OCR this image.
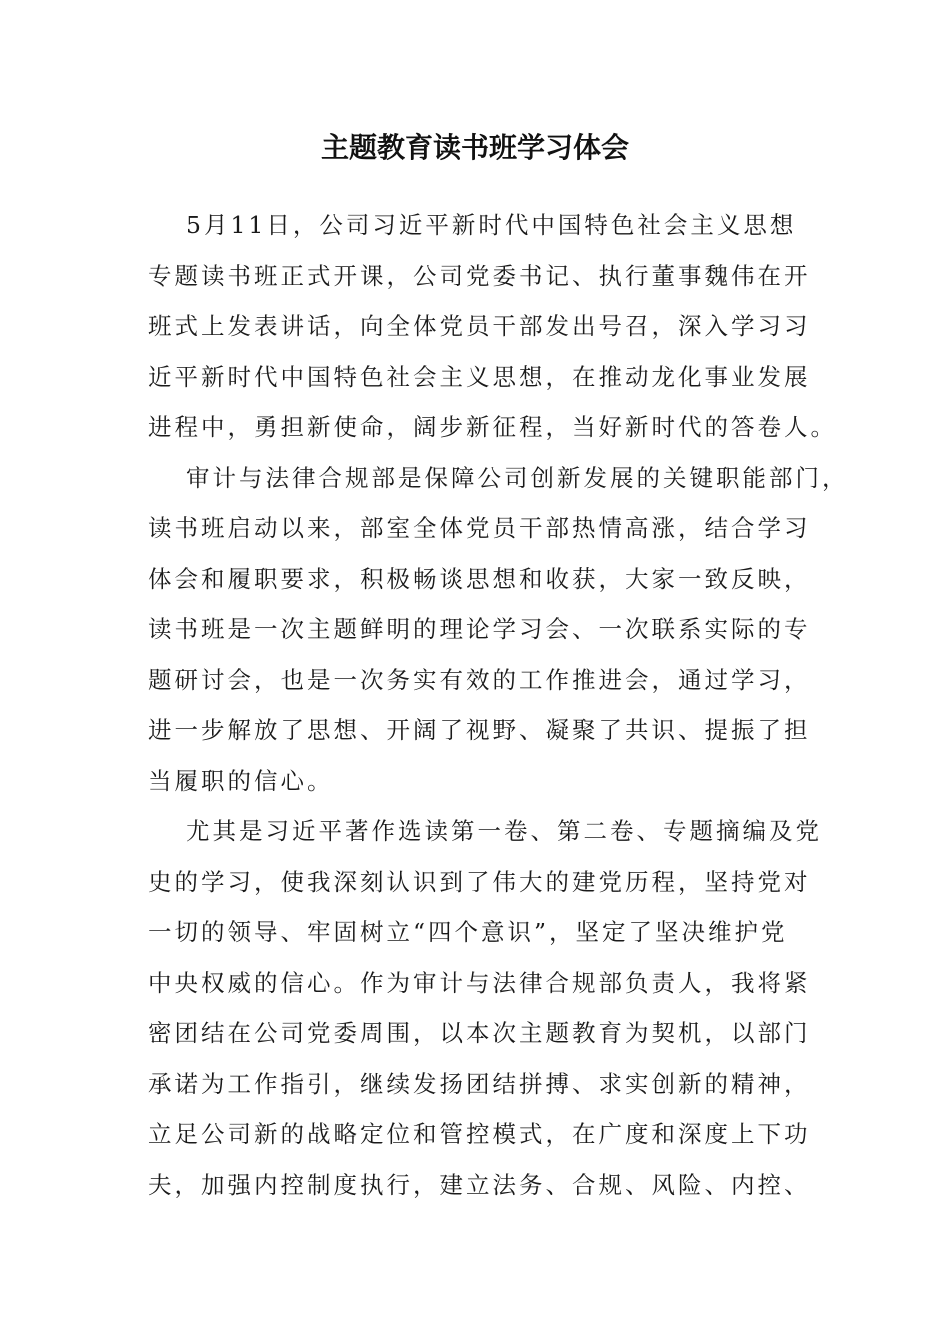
主题教育读书班学习体会
5月11日，公司习近平新时代中国特色社会主义思想
专题读书班正式开课，公司党委书记、执行董事魏伟在开
班式上发表讲话，向全体党员干部发出号召，深入学习习
近平新时代中国特色社会主义思想，在推动龙化事业发展
进程中，勇担新使命，阔步新征程，当好新时代的答卷人。
审计与法律合规部是保障公司创新发展的关键职能部门，
读书班启动以来，部室全体党员干部热情高涨，结合学习
体会和履职要求，积极畅谈思想和收获，大家一致反映，
读书班是一次主题鲜明的理论学习会、一次联系实际的专
题研讨会，也是一次务实有效的工作推进会，通过学习，
进一步解放了思想、开阔了视野、凝聚了共识、提振了担
当履职的信心。
尤其是习近平著作选读第一卷、第二卷、专题摘编及党
史的学习，使我深刻认识到了伟大的建党历程，坚持党对
一切的领导、牢固树立“四个意识”，坚定了坚决维护党
中央权威的信心。作为审计与法律合规部负责人，我将紧
密团结在公司党委周围，以本次主题教育为契机，以部门
承诺为工作指引，继续发扬团结拼搏、求实创新的精神，
立足公司新的战略定位和管控模式，在广度和深度上下功
夫，加强内控制度执行，建立法务、合规、风险、内控、
